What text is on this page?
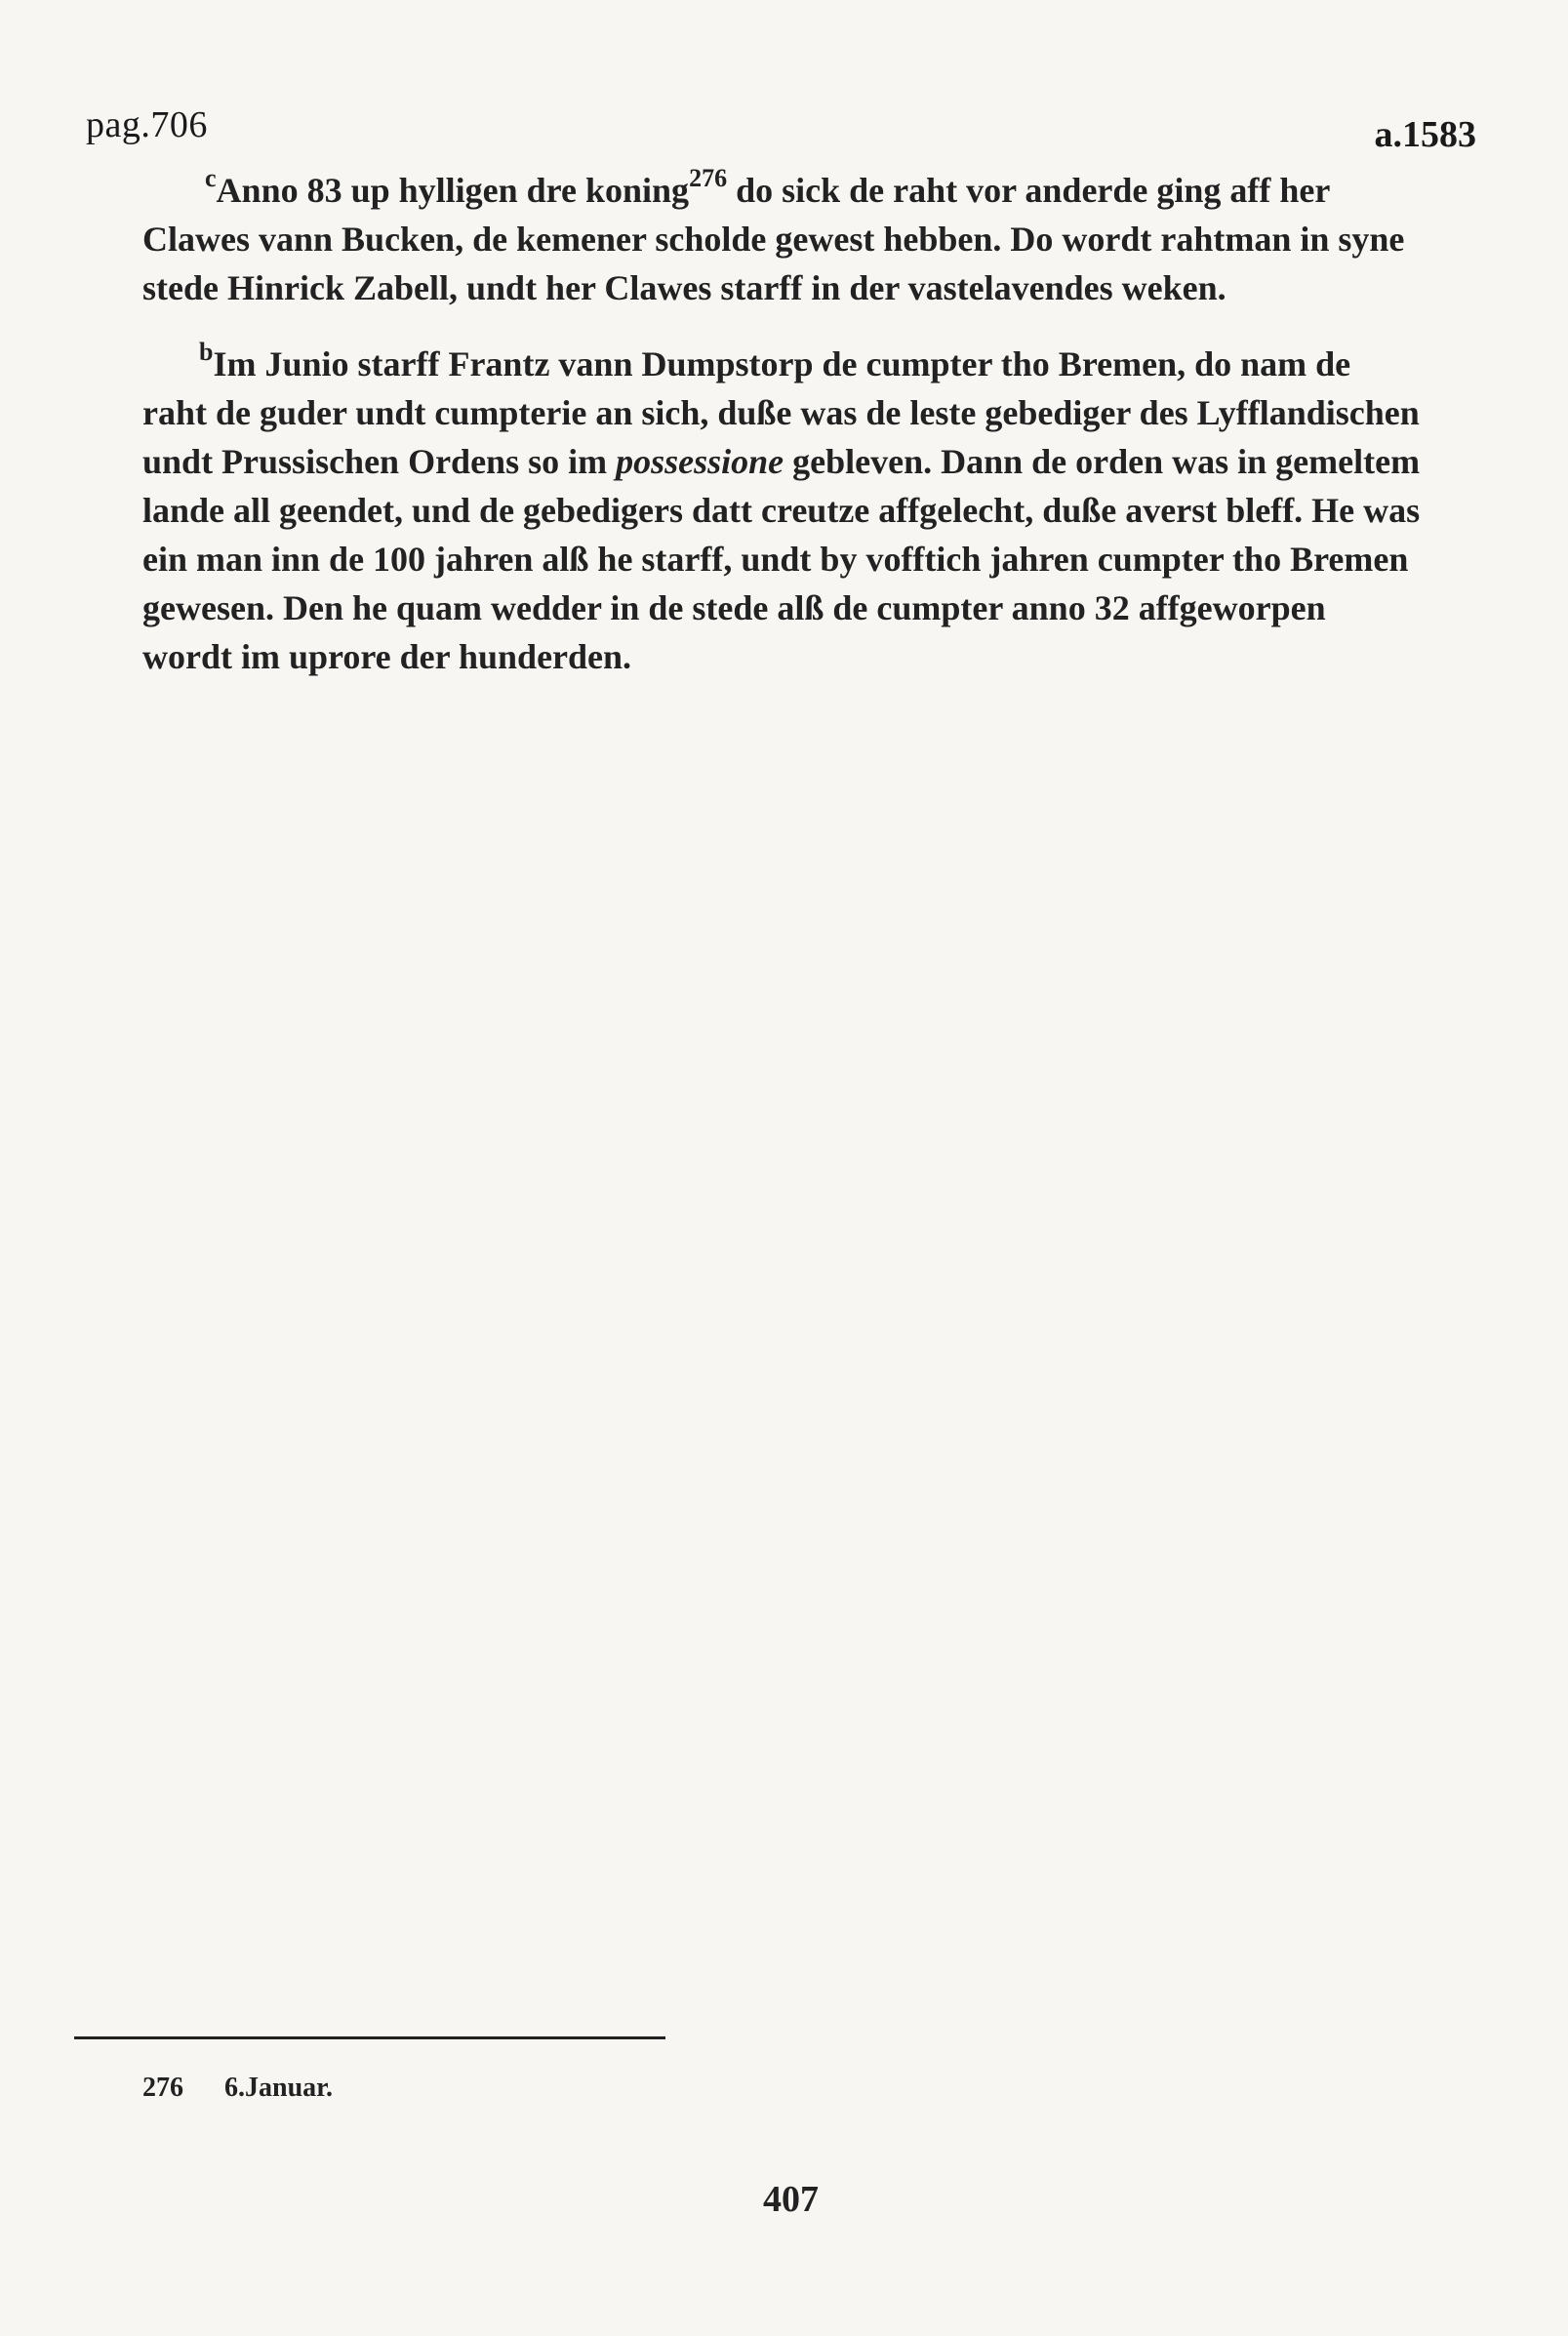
pag.706	a.1583

$^c$Anno 83 up hylligen dre koning$^{276}$ do sick de raht vor anderde ging aff her Clawes vann Bucken, de kemener scholde gewest hebben. Do wordt rahtman in syne stede Hinrick Zabell, undt her Clawes starff in der vastelavendes weken.

$^b$Im Junio starff Frantz vann Dumpstorp de cumpter tho Bremen, do nam de raht de guder undt cumpterie an sich, duße was de leste gebediger des Lyfflandischen undt Prussischen Ordens so im possessione gebleven. Dann de orden was in gemeltem lande all geendet, und de gebedigers datt creutze affgelecht, duße averst bleff. He was ein man inn de 100 jahren alß he starff, undt by vofftich jahren cumpter tho Bremen gewesen. Den he quam wedder in de stede alß de cumpter anno 32 affgeworpen wordt im uprore der hunderden.

276 6.Januar.
407
